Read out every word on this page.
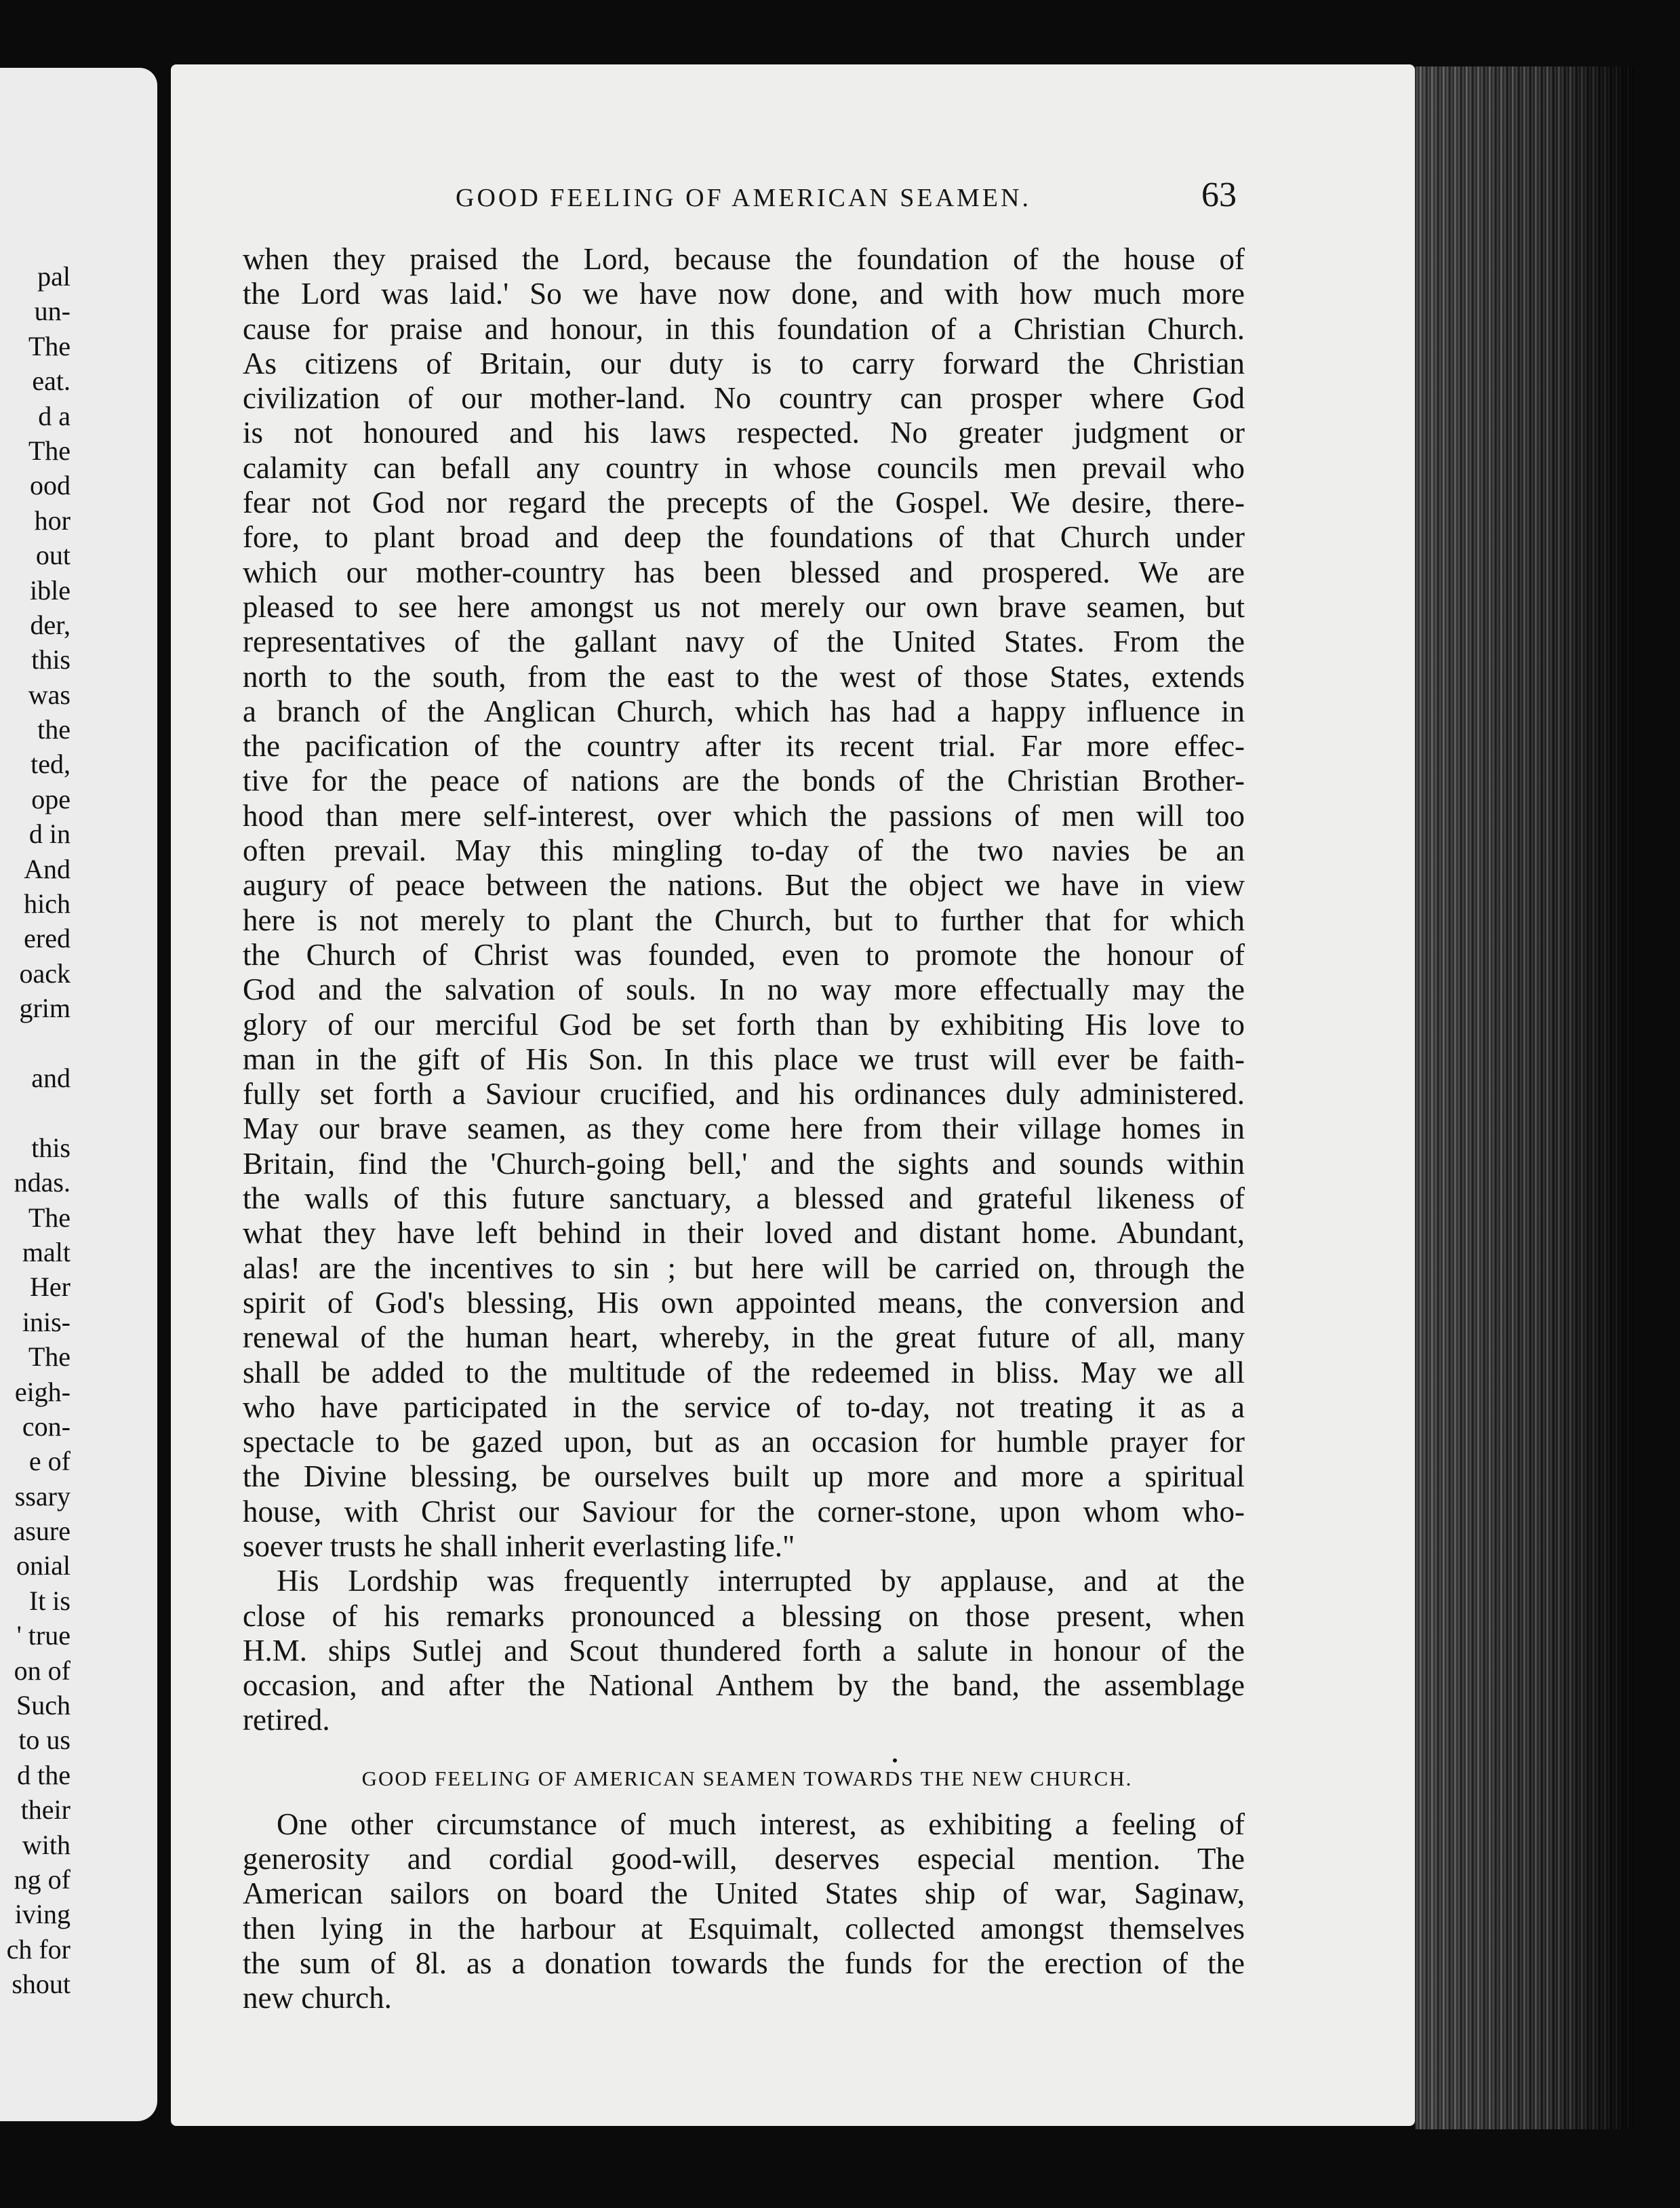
pal
un-
The
eat.
d a
The
ood
hor
out
ible
der,
this
was
the
ted,
ope
d in
And
hich
ered
oack
grim
and
this
ndas.
The
malt
Her
inis-
The
eigh-
con-
e of
ssary
asure
onial
It is
' true
on of
Such
to us
d the
their
with
ng of
iving
ch for
shout
GOOD FEELING OF AMERICAN SEAMEN.	63
when they praised the Lord, because the foundation of the house of
the Lord was laid.' So we have now done, and with how much more
cause for praise and honour, in this foundation of a Christian Church.
As citizens of Britain, our duty is to carry forward the Christian
civilization of our mother-land. No country can prosper where God
is not honoured and his laws respected. No greater judgment or
calamity can befall any country in whose councils men prevail who
fear not God nor regard the precepts of the Gospel. We desire, there-
fore, to plant broad and deep the foundations of that Church under
which our mother-country has been blessed and prospered. We are
pleased to see here amongst us not merely our own brave seamen, but
representatives of the gallant navy of the United States. From the
north to the south, from the east to the west of those States, extends
a branch of the Anglican Church, which has had a happy influence in
the pacification of the country after its recent trial. Far more effec-
tive for the peace of nations are the bonds of the Christian Brother-
hood than mere self-interest, over which the passions of men will too
often prevail. May this mingling to-day of the two navies be an
augury of peace between the nations. But the object we have in view
here is not merely to plant the Church, but to further that for which
the Church of Christ was founded, even to promote the honour of
God and the salvation of souls. In no way more effectually may the
glory of our merciful God be set forth than by exhibiting His love to
man in the gift of His Son. In this place we trust will ever be faith-
fully set forth a Saviour crucified, and his ordinances duly administered.
May our brave seamen, as they come here from their village homes in
Britain, find the 'Church-going bell,' and the sights and sounds within
the walls of this future sanctuary, a blessed and grateful likeness of
what they have left behind in their loved and distant home. Abundant,
alas! are the incentives to sin ; but here will be carried on, through the
spirit of God's blessing, His own appointed means, the conversion and
renewal of the human heart, whereby, in the great future of all, many
shall be added to the multitude of the redeemed in bliss. May we all
who have participated in the service of to-day, not treating it as a
spectacle to be gazed upon, but as an occasion for humble prayer for
the Divine blessing, be ourselves built up more and more a spiritual
house, with Christ our Saviour for the corner-stone, upon whom who-
soever trusts he shall inherit everlasting life."
His Lordship was frequently interrupted by applause, and at the
close of his remarks pronounced a blessing on those present, when
H.M. ships Sutlej and Scout thundered forth a salute in honour of the
occasion, and after the National Anthem by the band, the assemblage
retired.
GOOD FEELING OF AMERICAN SEAMEN TOWARDS THE NEW CHURCH.
One other circumstance of much interest, as exhibiting a feeling of
generosity and cordial good-will, deserves especial mention. The
American sailors on board the United States ship of war, Saginaw,
then lying in the harbour at Esquimalt, collected amongst themselves
the sum of 8l. as a donation towards the funds for the erection of the
new church.
